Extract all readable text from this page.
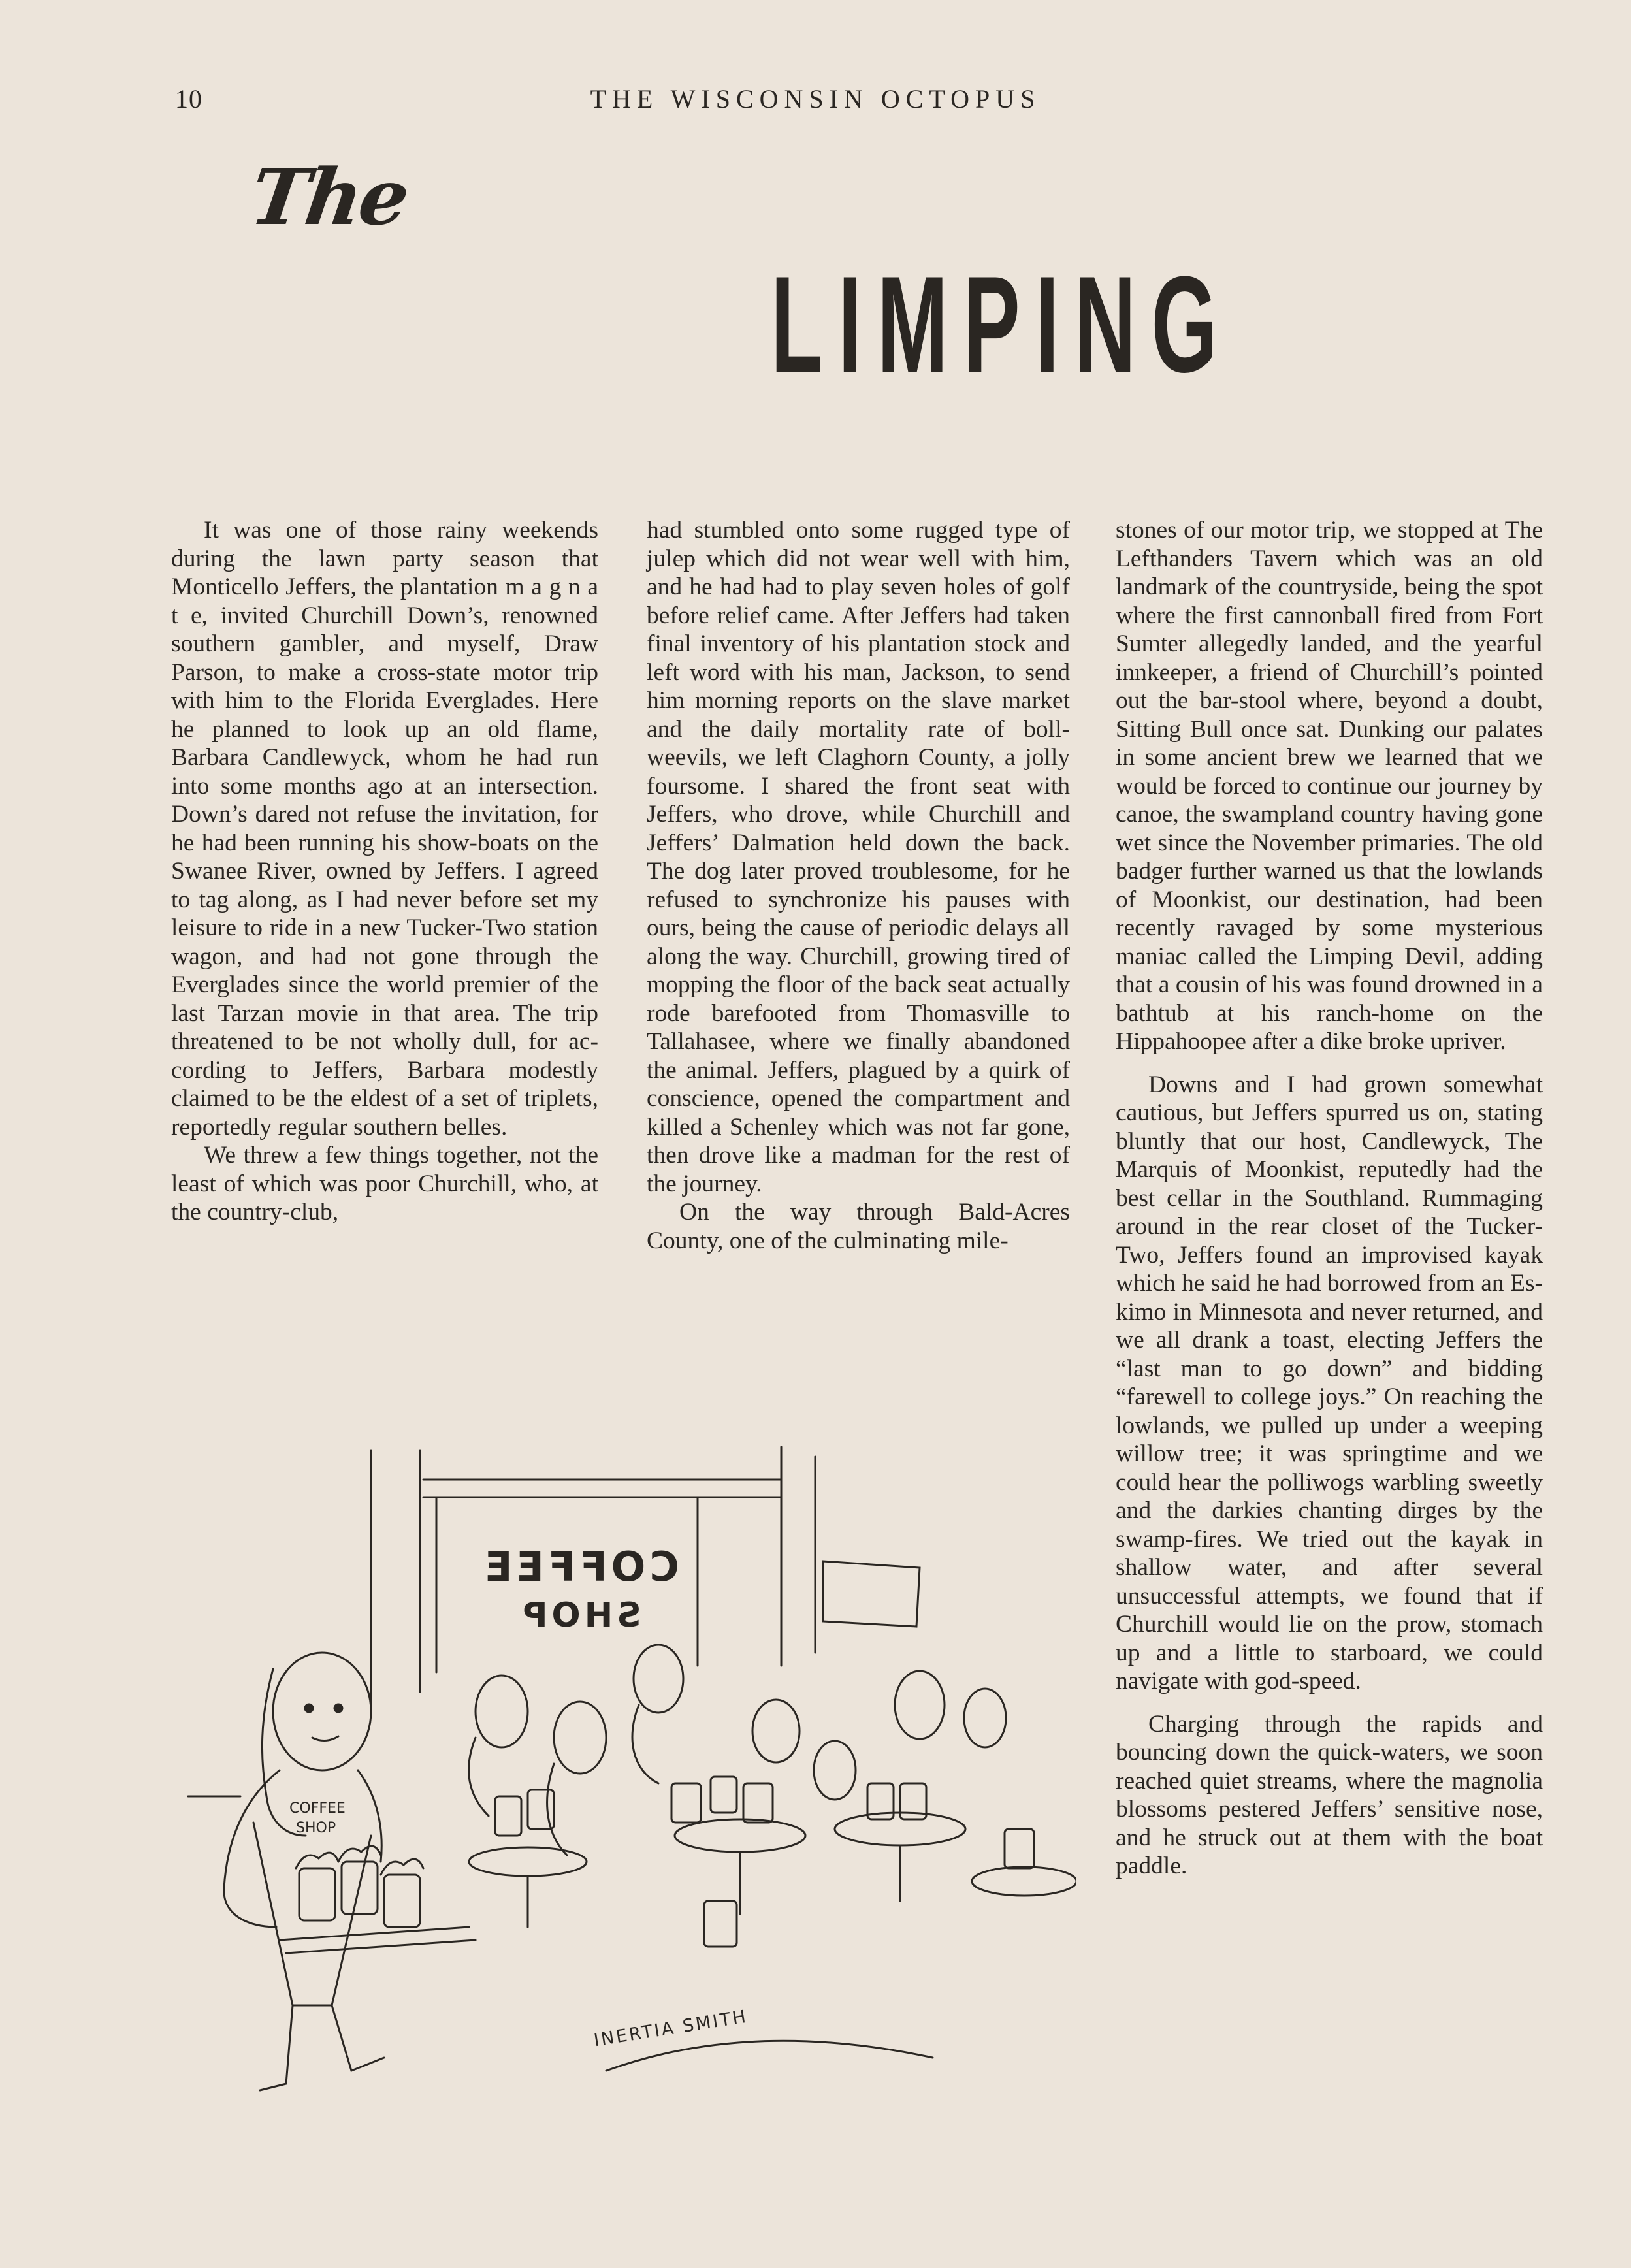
10	THE WISCONSIN OCTOPUS
The
LIMPING

It was one of those rainy weekends during the lawn party season that Monticello Jeffers, the plantation m a g n a t e, invited Churchill Down’s, renowned southern gambler, and myself, Draw Parson, to make a cross-state motor trip with him to the Florida Everglades. Here he planned to look up an old flame, Barbara Candlewyck, whom he had run into some months ago at an intersection. Down’s dared not refuse the invitation, for he had been running his show-boats on the Swanee River, owned by Jeffers. I agreed to tag along, as I had never before set my leisure to ride in a new Tucker-Two station wagon, and had not gone through the Everglades since the world premier of the last Tarzan movie in that area. The trip threatened to be not wholly dull, for according to Jeffers, Barbara modestly claimed to be the eldest of a set of triplets, reportedly regular southern belles.

We threw a few things together, not the least of which was poor Churchill, who, at the country-club,

had stumbled onto some rugged type of julep which did not wear well with him, and he had had to play seven holes of golf before relief came. After Jeffers had taken final inventory of his plantation stock and left word with his man, Jackson, to send him morning reports on the slave market and the daily mortality rate of boll-weevils, we left Claghorn County, a jolly foursome. I shared the front seat with Jeffers, who drove, while Churchill and Jeffers’ Dalmation held down the back. The dog later proved troublesome, for he refused to synchronize his pauses with ours, being the cause of periodic delays all along the way. Churchill, growing tired of mopping the floor of the back seat actually rode barefooted from Thomasville to Tallahasee, where we finally abandoned the animal. Jeffers, plagued by a quirk of conscience, opened the compartment and killed a Schenley which was not far gone, then drove like a madman for the rest of the journey.

On the way through Bald-Acres County, one of the culminating mile-

stones of our motor trip, we stopped at The Lefthanders Tavern which was an old landmark of the countryside, being the spot where the first cannonball fired from Fort Sumter allegedly landed, and the yearful innkeeper, a friend of Churchill’s pointed out the bar-stool where, beyond a doubt, Sitting Bull once sat. Dunking our palates in some ancient brew we learned that we would be forced to continue our journey by canoe, the swampland country having gone wet since the November primaries. The old badger further warned us that the lowlands of Moonkist, our destination, had been recently ravaged by some mysterious maniac called the Limping Devil, adding that a cousin of his was found drowned in a bathtub at his ranch-home on the Hippahoopee after a dike broke upriver.

Downs and I had grown somewhat cautious, but Jeffers spurred us on, stating bluntly that our host, Candlewyck, The Marquis of Moonkist, reputedly had the best cellar in the Southland. Rummaging around in the rear closet of the Tucker-Two, Jeffers found an improvised kayak which he said he had borrowed from an Eskimo in Minnesota and never returned, and we all drank a toast, electing Jeffers the “last man to go down” and bidding “farewell to college joys.” On reaching the lowlands, we pulled up under a weeping willow tree; it was springtime and we could hear the polliwogs warbling sweetly and the darkies chanting dirges by the swamp-fires. We tried out the kayak in shallow water, and after several unsuccessful attempts, we found that if Churchill would lie on the prow, stomach up and a little to starboard, we could navigate with god-speed.

Charging through the rapids and bouncing down the quick-waters, we soon reached quiet streams, where the magnolia blossoms pestered Jeffers’ sensitive nose, and he struck out at them with the boat paddle.

COFFEE
SHOP
COFFEE
SHOP
INERTIA SMITH
